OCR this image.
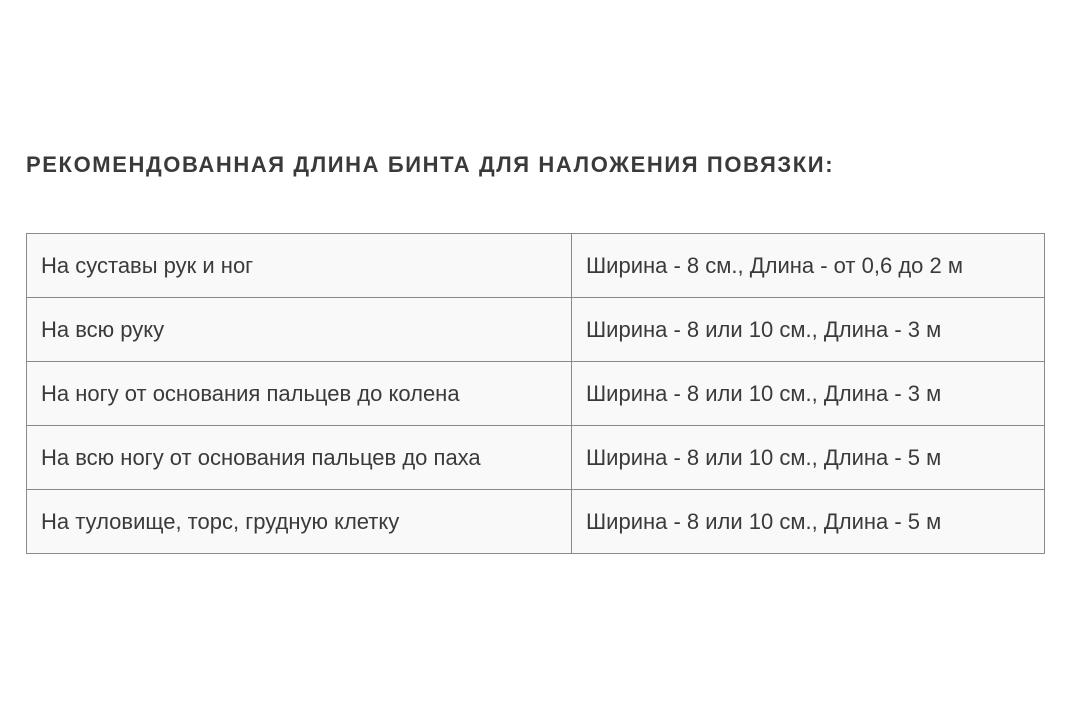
РЕКОМЕНДОВАННАЯ ДЛИНА БИНТА ДЛЯ НАЛОЖЕНИЯ ПОВЯЗКИ:
На суставы рук и ног	Ширина - 8 см., Длина - от 0,6 до 2 м
На всю руку	Ширина - 8 или 10 см., Длина - 3 м
На ногу от основания пальцев до колена	Ширина - 8 или 10 см., Длина - 3 м
На всю ногу от основания пальцев до паха	Ширина - 8 или 10 см., Длина - 5 м
На туловище, торс, грудную клетку	Ширина - 8 или 10 см., Длина - 5 м
